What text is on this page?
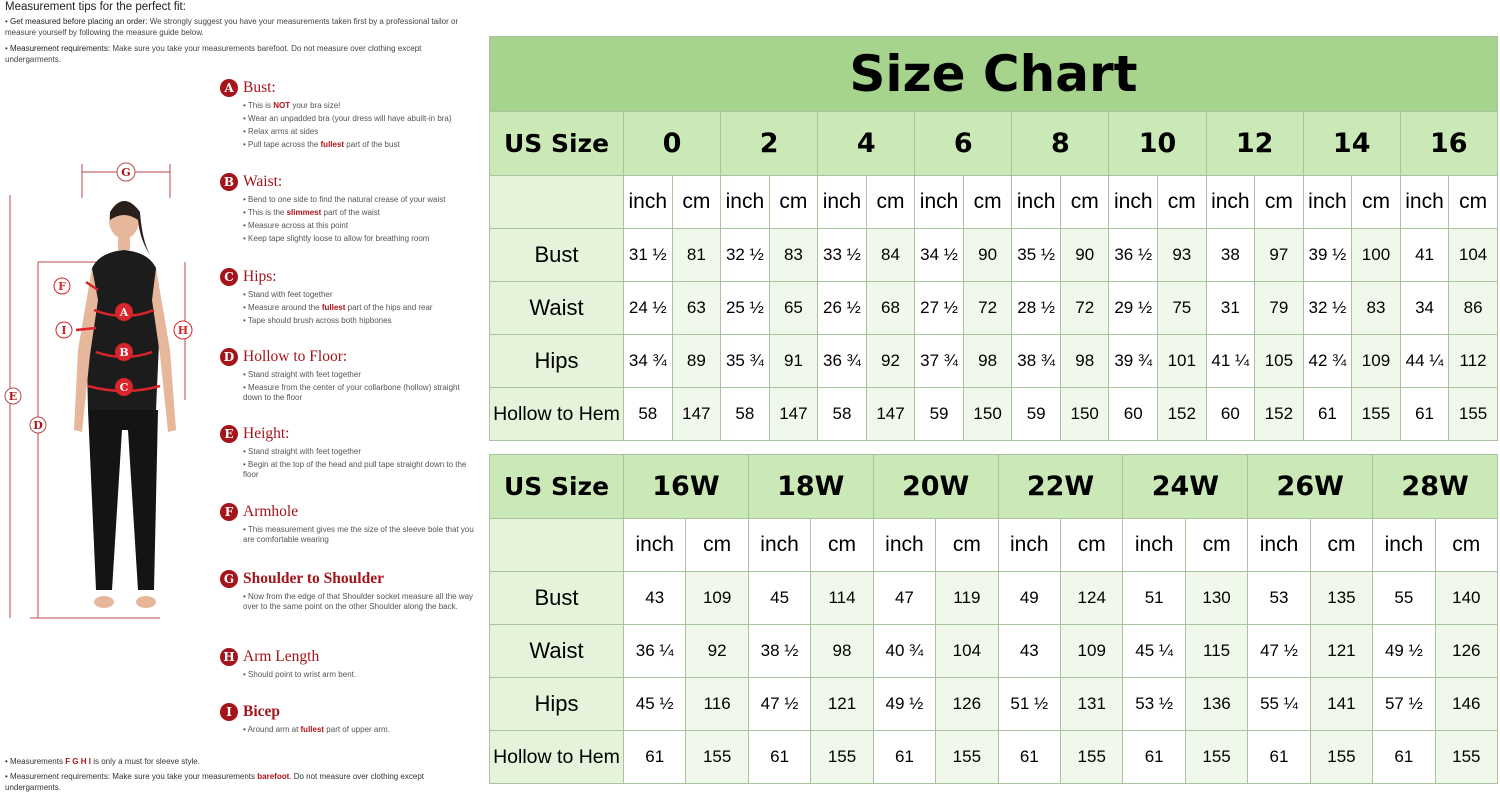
Measurement tips for the perfect fit:
• Get measured before placing an order: We strongly suggest you have your measurements taken first by a professional tailor or measure yourself by following the measure guide below.
• Measurement requirements: Make sure you take your measurements barefoot. Do not measure over clothing except undergarments.
G
F
I
A
B
C
H
E
D
A Bust:
• This is NOT your bra size!
• Wear an unpadded bra (your dress will have abuilt-in bra)
• Relax arms at sides
• Pull tape across the fullest part of the bust
B Waist:
• Bend to one side to find the natural crease of your waist
• This is the slimmest part of the waist
• Measure across at this point
• Keep tape slightly loose to allow for breathing room
C Hips:
• Stand with feet together
• Measure around the fullest part of the hips and rear
• Tape should brush across both hipbones
D Hollow to Floor:
• Stand straight with feet together
• Measure from the center of your collarbone (hollow) straight down to the floor
E Height:
• Stand straight with feet together
• Begin at the top of the head and pull tape straight down to the floor
F Armhole
• This measurement gives me the size of the sleeve bole that you are comfortable wearing
G Shoulder to Shoulder
• Now from the edge of that Shoulder socket measure all the way over to the same point on the other Shoulder along the back.
H Arm Length
• Should point to wrist arm bent.
I Bicep
• Around arm at fullest part of upper arm.
• Measurements F G H I is only a must for sleeve style.
• Measurement requirements: Make sure you take your measurements barefoot. Do not measure over clothing except undergarments.
Size Chart																		
US Size	0		2		4		6		8		10		12		14		16	
	inch	cm	inch	cm	inch	cm	inch	cm	inch	cm	inch	cm	inch	cm	inch	cm	inch	cm
Bust	31 ½	81	32 ½	83	33 ½	84	34 ½	90	35 ½	90	36 ½	93	38	97	39 ½	100	41	104
Waist	24 ½	63	25 ½	65	26 ½	68	27 ½	72	28 ½	72	29 ½	75	31	79	32 ½	83	34	86
Hips	34 ¾	89	35 ¾	91	36 ¾	92	37 ¾	98	38 ¾	98	39 ¾	101	41 ¼	105	42 ¾	109	44 ¼	112
Hollow to Hem	58	147	58	147	58	147	59	150	59	150	60	152	60	152	61	155	61	155
US Size	16W		18W		20W		22W		24W		26W		28W	
	inch	cm	inch	cm	inch	cm	inch	cm	inch	cm	inch	cm	inch	cm
Bust	43	109	45	114	47	119	49	124	51	130	53	135	55	140
Waist	36 ¼	92	38 ½	98	40 ¾	104	43	109	45 ¼	115	47 ½	121	49 ½	126
Hips	45 ½	116	47 ½	121	49 ½	126	51 ½	131	53 ½	136	55 ¼	141	57 ½	146
Hollow to Hem	61	155	61	155	61	155	61	155	61	155	61	155	61	155
